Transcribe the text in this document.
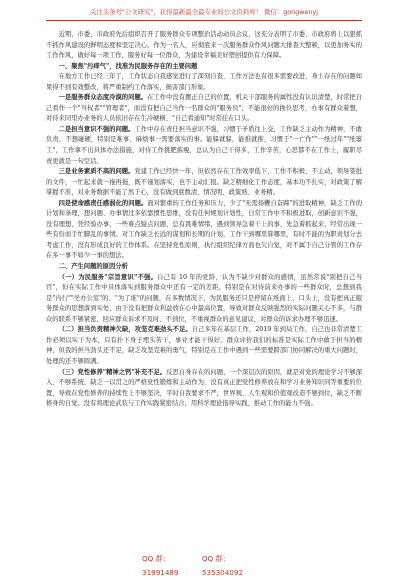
关注头条号"公文研究"，获得最新最全最专业的公文资料库！ 微信：gongwenyj

近期，市委、市政府先后组织召开了服务群众专项整治活动动员会议，这充分表明了市委、市政府将上以狠抓不抓作风建设的鲜明态度和坚定决心。作为一名人，应彻底来一次服务群众作风问题大排查大整顿，以更加务实的工作作风，做好每一项工作，服务好每一位群众，为建设幸福美好塑创提供有力保障。

一、聚焦"污痒气"，找准为民服务存在的主要问题

在地方工作已经三年了，工作状态自我感觉进行了深刻自查，工作方法也有很多需要改进，身上存在的问题如果得不到有效整改，将严重制约工作落实，损害部门形象。

一是服务群众态度冷漠的问题。在工作中没有摆正自己的位置，机关干部服务的属性没有认识清楚，时常把自己看作一个"当权者""管理者"，而没有把自己当作一名群众的"服务员"，不能很好的换位思考，办事有群众着想，对待来同里办业务的人员依旧存在生冷硬横、"自己看通知"时常挂在口头。

二是担当意识不强的问题。工作中存在责任担当意识不强，习惯于矛盾往上交，工作缺乏主动作为精神，不敢负责，不想碰硬，特别是难事、麻烦事一需要落实的事。能躲就躲，能推就推，习惯于"一亡作""一纸过年""纸篓工"，工作拿不出具体办法措施，对待工作挑肥拣瘦，总认为自己干得多，工作辛苦，心思都不在工作上，履职尽责更就是一句空话。

三是业务素质不高的问题。党建工作已经快一年，但依然存在工作效率低下，工作不积极、不主动，领导签批的文件，一忙起来就一拖再拖，既不谨划落实，也不主动汇报。缺乏精细化工作态度，基本功不扎实，对政策了解掌握不准，对业务数据不能了然于心，没有做到底数清、情况明、政策熟、业务精。

四是使命感责任感弱化的问题。面对繁重的工作任务和压力，少了"无需扬鞭自奋蹄"的进取精神，缺乏工作的计划和条理，想问题、办事情过多依靠惯性思维，没有任何规划计划性，日常工作中不积极进取，创新意识不强，没有理想，凭经验办事，一些难点疑点问题，总有畏难情绪，遇到领导急着干上的事、先急着抓起来，经常出现一些有份而手忙脚乱的事情。对工作缺乏长远的谋划和长期的计划，工作干到哪里算哪里，有时不能的为职责划分去考虑工作，没有形成良好的工作体系。在坚持党性原则，执行组织纪律方面也欠自觉，对不属于自己分管的工作存在多一事不如少一事的想法。

二、产生问题的原因分析

（一）为民服务"宗旨意识"不强。自己有 10 年的党龄，认为不缺少对群众的感情，虽然常说"别把自己当官"，但在实际工作中具体落实到服务群众中还有一定的差距，特别是在对待前来办事的一些群众时，总想到我是"内行""坐办公室"的、"为了谁"的问题，在多数情况下，为民服务还只是停留在纸面上、口头上，没有把真正服务群众的思想落到实处，由于没有把群众利益放在心中最高位置，导致对群众反映强烈的实际问题关心不多，与群众的联系不够紧密，回应群众诉求不及时、不到位，不重视群众的意见建议，对群众的诉求办理不够迅速。

（二）担当负责精神欠缺，攻坚克难劲头不足。自己多年在基层工作，2019 年到局工作，自己也非常清楚工作必须以实干为本，只有扑下身子埋头苦干，事业才能干得好。群众评价我们的标准是实际工作中敢于担当的精神，但我的担当劲头还不足，缺乏攻坚克难的勇气，特别是在工作中遇到一些需要跨部门协同解决的重大问题时，处理的还不够圆满。

（三）党性修养"精神之钙"补充不足。反思自身存在的问题，一个深层次的原因，就是对党的理论学习不够深入、不够系统，缺乏一以贯之的严格党性锻炼和主动作为，没有真正把党性修养放在和学习业务知识同等重要的位置，导致在党性修养的持续性上不够坚决，平时自我要求不严，世界观、人生观和价值观改造不够到位，缺乏不断修身的自觉。没有将理论武装与工作实践紧密结合，用科学理论指导实践、推动工作的能力不强。

QQ 群：31991489
QQ 群：535304092
